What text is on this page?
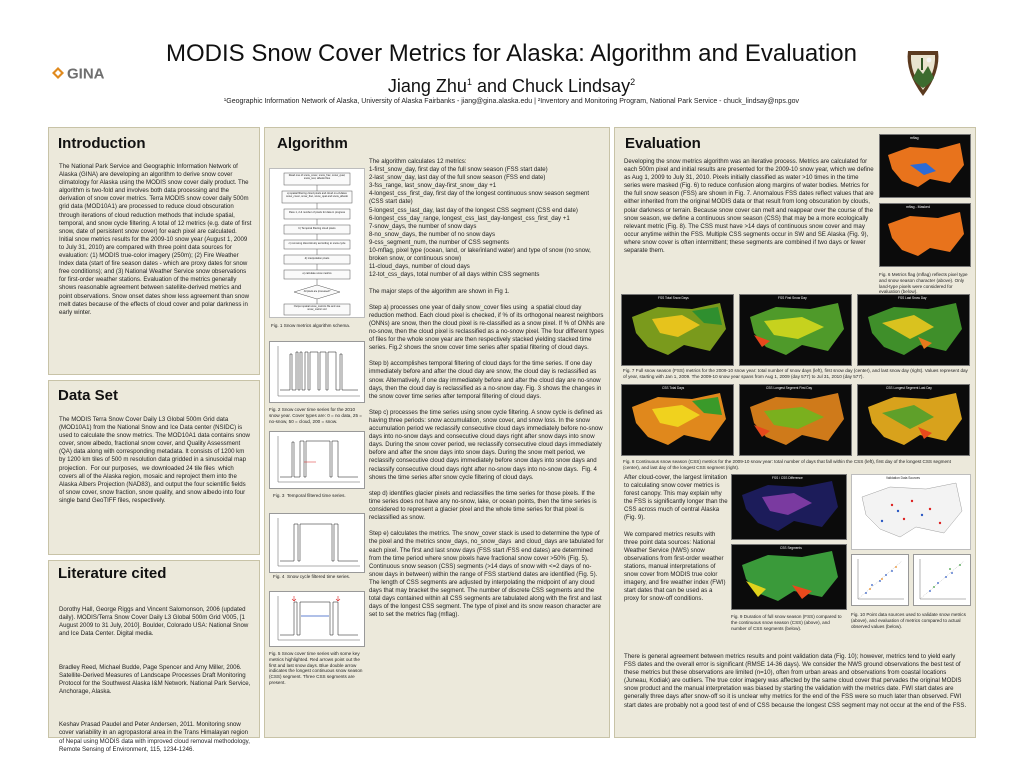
GINA
MODIS Snow Cover Metrics for Alaska: Algorithm and Evaluation
Jiang Zhu$^1$ and Chuck Lindsay$^2$
¹Geographic Information Network of Alaska, University of Alaska Fairbanks - jiang@gina.alaska.edu | ²Inventory and Monitoring Program, National Park Service - chuck_lindsay@nps.gov
Introduction
The National Park Service and Geographic Information Network of Alaska (GINA) are developing an algorithm to derive snow cover climatology for Alaska using the MODIS snow cover daily product. The algorithm is two-fold and involves both data processing and the derivation of snow cover metrics. Terra MODIS snow cover daily 500m grid data (MOD10A1) are processed to reduce cloud obscuration through iterations of cloud reduction methods that include spatial, temporal, and snow cycle filtering. A total of 12 metrics (e.g. date of first snow, date of persistent snow cover) for each pixel are calculated. Initial snow metrics results for the 2009-10 snow year (August 1, 2009 to July 31, 2010) are compared with three point data sources for evaluation: (1) MODIS true-color imagery (250m); (2) Fire Weather Index data (start of fire season dates - which are proxy dates for snow free conditions); and (3) National Weather Service snow observations for first-order weather stations. Evaluation of the metrics generally shows reasonable agreement between satellite-derived metrics and point observations. Snow onset dates show less agreement than snow melt dates because of the effects of cloud cover and polar darkness in early winter.
Data Set
The MODIS Terra Snow Cover Daily L3 Global 500m Grid data (MOD10A1) from the National Snow and Ice Data center (NSIDC) is used to calculate the snow metrics. The MOD10A1 data contains snow cover, snow albedo, fractional snow cover, and Quality Assessment (QA) data along with corresponding metadata. It consists of 1200 km by 1200 km tiles of 500 m resolution data gridded in a sinusoidal map projection.  For our purposes,  we downloaded 24 tile files  which covers all of the Alaska region, mosaic and reproject them into the Alaska Albers Projection (NAD83), and output the four scientific fields of snow cover, snow fraction, snow quality, and snow albedo into four single band GeoTIFF files, respectively.
Literature cited

Dorothy Hall, George Riggs and Vincent Salomonson, 2006 (updated daily). MODIS/Terra Snow Cover Daily L3 Global 500m Grid V005, [1 August 2009 to 31 July, 2010]. Boulder, Colorado USA: National Snow and Ice Data Center. Digital media.

Bradley Reed, Michael Budde, Page Spencer and Amy Miller, 2006. Satellite-Derived Measures of Landscape Processes Draft Monitoring Protocol for the Southwest Alaska I&M Network. National Park Service, Anchorage, Alaska.

Keshav Prasad Paudel and Peter Andersen, 2011. Monitoring snow cover variability in an agropastoral area in the Trans Himalayan region of Nepal using MODIS data with improved cloud removal methodology, Remote Sensing of Environment, 115, 1234-1246.

Algorithm
Read one of snow_cover, snow_frac, snow_qual, snow_test, albedo files
a) spatial filtering cloud pixels and cloud on-of-dates snow_cover, snow_frac, snow_qual and snow_albedo
Pass 1, 2 & number of pixels for data in progress
b) Temporal filtering cloud pixels
c) removing discontinuity according to snow cycle
d) interpolation pixels
e) calculate snow metrics
All pixels are processed?
Output spatial snow_metrics file and use snow_metric.xml
Fig. 1 Snow metrics algorithm schema.
Fig. 2 Snow cover time series for the 2010 snow year. Cover types are: 0 = no data, 25 = no-snow, 50 = cloud, 200 = snow.
Fig. 3  Temporal filtered time series.
Fig. 4  Snow cycle filtered time series.
Fig. 5 Snow cover time series with some key metrics highlighted. Red arrows point out the first and last snow days. Blue double arrow indicates the longest continuous snow season (CSS) segment. Three CSS segments are present.
The algorithm calculates 12 metrics:
1-first_snow_day, first day of the full snow season (FSS start date)
2-last_snow_day, last day of the full snow season (FSS end date)
3-fss_range, last_snow_day-first_snow_day +1
4-longest_css_first_day, first day of the longest continuous snow season segment (CSS start date)
5-longest_css_last_day, last day of the longest CSS segment (CSS end date)
6-longest_css_day_range, longest_css_last_day-longest_css_first_day +1
7-snow_days, the number of snow days
8-no_snow_days, the number of no snow days
9-css_segment_num, the number of CSS segments
10-mflag, pixel type (ocean, land, or lake/inland water) and type of snow (no snow, broken snow, or continuous snow)
11-cloud_days, number of cloud days
12-tot_css_days, total number of all days within CSS segments

The major steps of the algorithm are shown in Fig 1.

Step a) processes one year of daily snow_cover files using  a spatial cloud day reduction method. Each cloud pixel is checked, if % of its orthogonal nearest neighbors (ONNs) are snow, then the cloud pixel is re-classified as a snow pixel. If % of ONNs are no-snow, then the cloud pixel is reclassified as a no-snow pixel. The four different types of files for the whole snow year are then respectively stacked yielding stacked time series. Fig.2 shows the snow cover time series after spatial filtering of cloud days.

Step b) accomplishes temporal filtering of cloud days for the time series. If one day immediately before and after the cloud day are snow, the cloud day is reclassified as snow. Alternatively, if one day immediately before and after the cloud day are no-snow days, then the cloud day is reclassified as a no-snow day. Fig. 3 shows the changes in the snow cover time series after temporal filtering of cloud days.

Step c) processes the time series using snow cycle filtering. A snow cycle is defined as having three periods: snow accumulation, snow cover, and snow loss. In the snow accumulation period we reclassify consecutive cloud days immediately before no-snow days into no-snow days and consecutive cloud days right after snow days into snow days. During the snow cover period, we reclassify consecutive cloud days immediately before and after the snow days into snow days. During the snow melt period, we reclassify consecutive cloud days immediately before snow days into snow days and reclassify consecutive cloud days right after no-snow days into no-snow days.  Fig. 4 shows the time series after snow cycle filtering of cloud days.

step d) identifies glacier pixels and reclassifies the time series for those pixels. If the time series does not have any no-snow, lake, or ocean points, then the time series is considered to represent a glacier pixel and the whole time series for that pixel is reclassified as snow.

Step e) calculates the metrics. The snow_cover stack is used to determine the type of the pixel and the metrics snow_days, no_snow_days  and cloud_days are tabulated for each pixel. The first and last snow days (FSS start /FSS end dates) are determined from the time period where snow pixels have fractional snow cover >50% (Fig. 5). Continuous snow season (CSS) segments (>14 days of snow with <=2 days of no-snow days in between) within the range of FSS start/end dates are identified (Fig. 5). The length of CSS segments are adjusted by interpolating the midpoint of any cloud days that may bracket the segment. The number of discrete CSS segments and the total days contained within all CSS segments are tabulated along with the first and last days of the longest CSS segment. The type of pixel and its snow reason character are set to set the metrics flag (mflag).
Evaluation
Developing the snow metrics algorithm was an iterative process. Metrics are calculated for each 500m pixel and initial results are presented for the 2009-10 snow year, which we define as Aug 1, 2009 to July 31, 2010. Pixels initially classified as water >10 times in the time series were masked (Fig. 6) to reduce confusion along margins of water bodies. Metrics for the full snow season (FSS) are shown in Fig. 7. Anomalous FSS dates reflect values that are either inherited from the original MODIS data or that result from long obscuration by clouds, polar darkness or terrain. Because snow cover can melt and reappear over the course of the snow season, we define a continuous snow season (CSS) that may be a more ecologically relevant metric (Fig. 8). The CSS must have >14 days of continuous snow cover and may occur anytime within the FSS. Multiple CSS segments occur in SW and SE Alaska (Fig. 9), where snow cover is often intermittent; these segments are combined if two days or fewer separate them.
mflag
mflag - Masked
Fig. 6 Metrics flag (mflag) reflects pixel type and snow season character (above). Only land-type pixels were considered for evaluation (below).
FSS Total Snow Days	FSS First Snow Day	FSS Last Snow Day
Fig. 7 Full snow season (FSS) metrics for the 2009-10 snow year: total number of snow days (left), first snow day (center), and last snow day (right). Values represent day of year, starting with Jan 1, 2009. The 2009-10 snow year spans from Aug 1, 2009 (day 577) to Jul 31, 2010 (day 577).
CSS Total Days	CSS Longest Segment First Day	CSS Longest Segment Last Day
Fig. 8 Continuous snow season (CSS) metrics for the 2009-10 snow year: total number of days that fall within the CSS (left), first day of the longest CSS segment (center), and last day of the longest CSS segment (right).
After cloud-cover, the largest limitation to calculating snow cover metrics is forest canopy. This may explain why the FSS is significantly longer than the CSS across much of central Alaska (Fig. 9).

We compared metrics results with three point data sources: National Weather Service (NWS) snow observations from first-order weather stations, manual interpretations of snow cover from MODIS true color imagery, and fire weather index (FWI) start dates that can be used as a proxy for snow-off conditions.
FSS / CSS Difference
CSS Segments
Fig. 9 Duration of full snow season (FSS) compared to the continuous snow season (CSS) (above), and number of CSS segments (below).
Validation Data Sources
Fig. 10 Point data sources used to validate snow metrics (above), and evaluation of metrics compared to actual observed values (below).
There is general agreement between metrics results and point validation data (Fig. 10); however, metrics tend to yield early FSS dates and the overall error is significant (RMSE 14-36 days). We consider the NWS ground observations the best test of these metrics but these observations are limited (n=10), often from urban areas and observations from coastal locations (Juneau, Kodiak) are outliers. The true color imagery was affected by the same cloud cover that pervades the original MODIS snow product and the manual interpretation was biased by starting the validation with the metrics date. FWI start dates are generally three days after snow-off so it is unclear why metrics for the end of the FSS were so much later than observed. FWI start dates are probably not a good test of end of CSS because the longest CSS segment may not occur at the end of the FSS.
